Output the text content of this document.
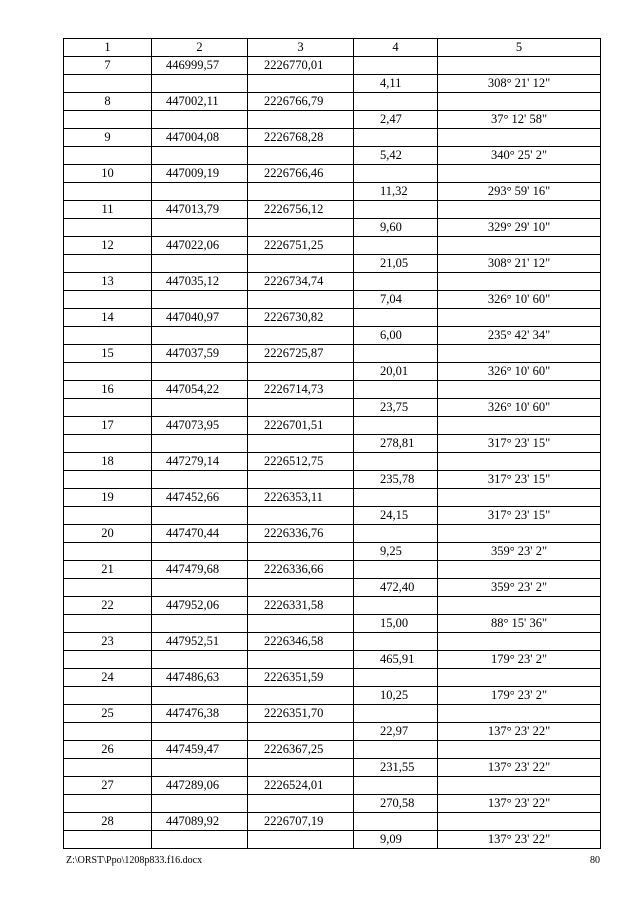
1	2	3	4	5
7	446999,57	2226770,01		
			4,11	308° 21' 12"
8	447002,11	2226766,79		
			2,47	37° 12' 58"
9	447004,08	2226768,28		
			5,42	340° 25' 2"
10	447009,19	2226766,46		
			11,32	293° 59' 16"
11	447013,79	2226756,12		
			9,60	329° 29' 10"
12	447022,06	2226751,25		
			21,05	308° 21' 12"
13	447035,12	2226734,74		
			7,04	326° 10' 60"
14	447040,97	2226730,82		
			6,00	235° 42' 34"
15	447037,59	2226725,87		
			20,01	326° 10' 60"
16	447054,22	2226714,73		
			23,75	326° 10' 60"
17	447073,95	2226701,51		
			278,81	317° 23' 15"
18	447279,14	2226512,75		
			235,78	317° 23' 15"
19	447452,66	2226353,11		
			24,15	317° 23' 15"
20	447470,44	2226336,76		
			9,25	359° 23' 2"
21	447479,68	2226336,66		
			472,40	359° 23' 2"
22	447952,06	2226331,58		
			15,00	88° 15' 36"
23	447952,51	2226346,58		
			465,91	179° 23' 2"
24	447486,63	2226351,59		
			10,25	179° 23' 2"
25	447476,38	2226351,70		
			22,97	137° 23' 22"
26	447459,47	2226367,25		
			231,55	137° 23' 22"
27	447289,06	2226524,01		
			270,58	137° 23' 22"
28	447089,92	2226707,19		
			9,09	137° 23' 22"
Z:\ORST\Ppo\1208p833.f16.docx	80
